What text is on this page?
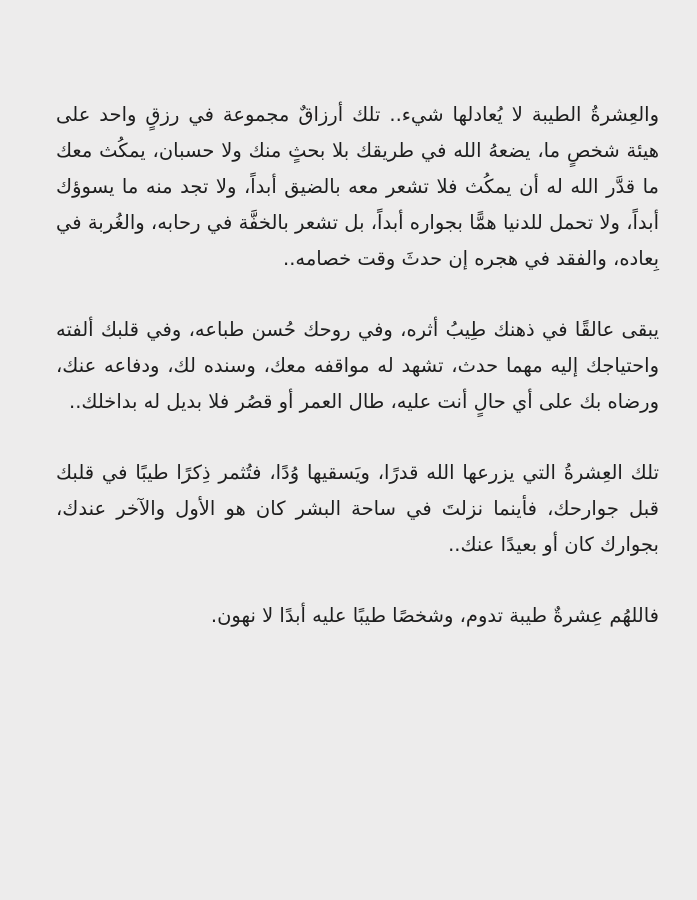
والعِشرةُ الطيبة لا يُعادلها شيء.. تلك أرزاقٌ مجموعة في رزقٍ واحد على هيئة شخصٍ ما، يضعهُ الله في طريقك بلا بحثٍ منك ولا حسبان، يمكُث معك ما قدَّر الله له أن يمكُث فلا تشعر معه بالضيق أبداً، ولا تجد منه ما يسوؤك أبداً، ولا تحمل للدنيا همًّا بجواره أبداً، بل تشعر بالخفَّة في رحابه، والغُربة في بِعاده، والفقد في هجره إن حدثَ وقت خصامه..

يبقى عالقًا في ذهنك طِيبُ أثره، وفي روحك حُسن طباعه، وفي قلبك ألفته واحتياجك إليه مهما حدث، تشهد له مواقفه معك، وسنده لك، ودفاعه عنك، ورضاه بك على أي حالٍ أنت عليه، طال العمر أو قصُر فلا بديل له بداخلك..

تلك العِشرةُ التي يزرعها الله قدرًا، ويَسقيها وُدًا، فتُثمر ذِكرًا طيبًا في قلبك قبل جوارحك، فأينما نزلتَ في ساحة البشر كان هو الأول والآخر عندك، بجوارك كان أو بعيدًا عنك..

فاللهُم عِشرةٌ طيبة تدوم، وشخصًا طيبًا عليه أبدًا لا نهون.
